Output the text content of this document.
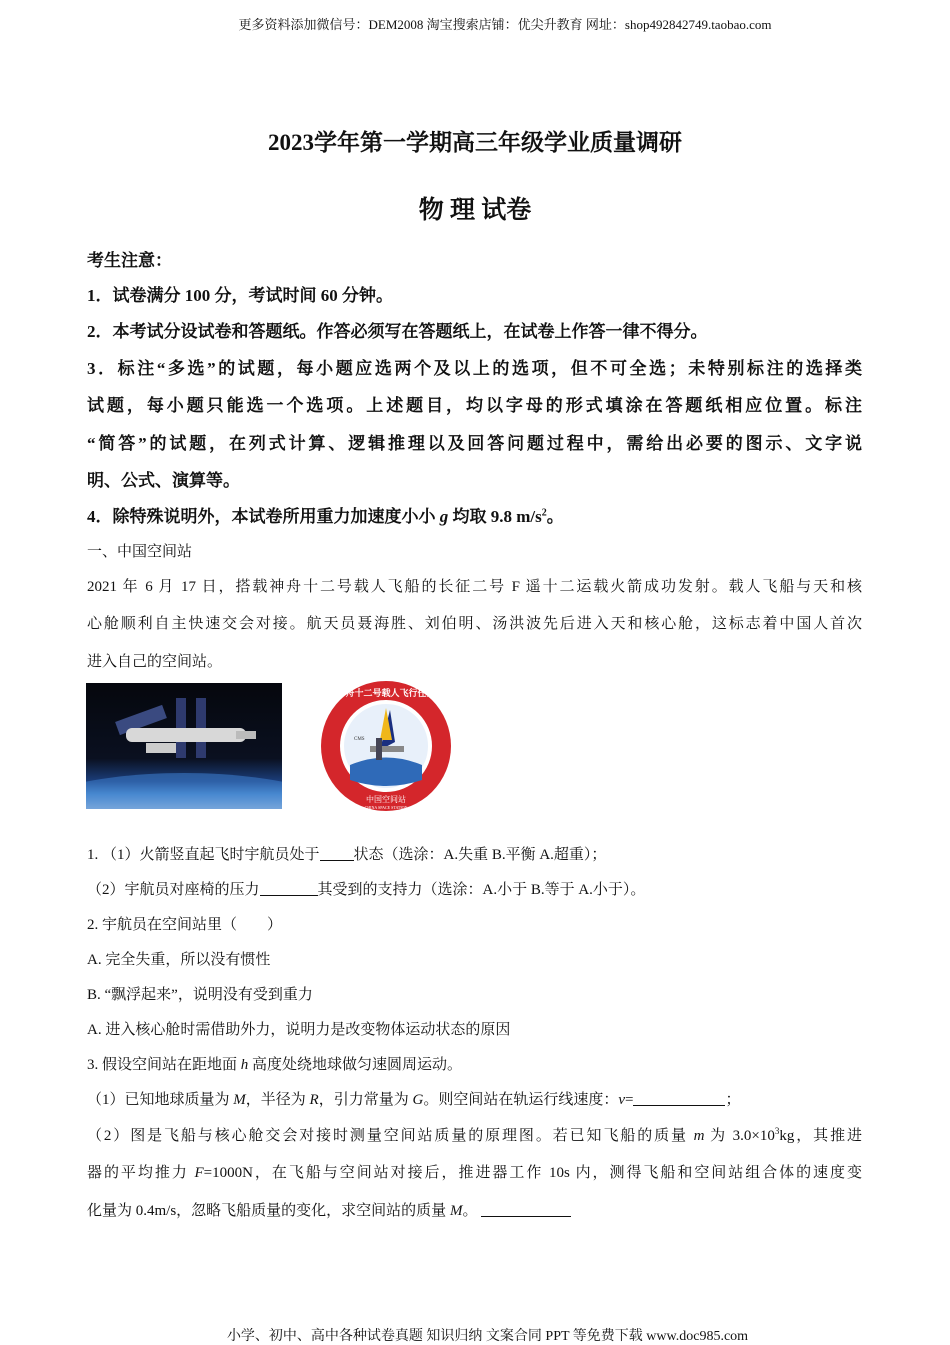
更多资料添加微信号：DEM2008 淘宝搜索店铺：优尖升教育 网址：shop492842749.taobao.com
2023学年第一学期高三年级学业质量调研
物 理 试卷
考生注意：
1．试卷满分 100 分，考试时间 60 分钟。
2．本考试分设试卷和答题纸。作答必须写在答题纸上，在试卷上作答一律不得分。
3．标注“多选”的试题，每小题应选两个及以上的选项，但不可全选；未特别标注的选择类
试题，每小题只能选一个选项。上述题目，均以字母的形式填涂在答题纸相应位置。标注
“简答”的试题，在列式计算、逻辑推理以及回答问题过程中，需给出必要的图示、文字说
明、公式、演算等。
4．除特殊说明外，本试卷所用重力加速度小小 g 均取 9.8 $m/s^2$。
一、中国空间站
2021 年 6 月 17 日，搭载神舟十二号载人飞船的长征二号 F 遥十二运载火箭成功发射。载人飞船与天和核
心舱顺利自主快速交会对接。航天员聂海胜、刘伯明、汤洪波先后进入天和核心舱，这标志着中国人首次
进入自己的空间站。
神舟十二号载人飞行任务
中国空间站
CHINA SPACE STATION
CMS
1. （1）火箭竖直起飞时宇航员处于 状态（选涂：A.失重 B.平衡 A.超重）；
（2）宇航员对座椅的压力	其受到的支持力（选涂：A.小于 B.等于 A.小于）。
2. 宇航员在空间站里（　　）
A. 完全失重，所以没有惯性
B. “飘浮起来”，说明没有受到重力
A. 进入核心舱时需借助外力，说明力是改变物体运动状态的原因
3. 假设空间站在距地面 h 高度处绕地球做匀速圆周运动。
（1）已知地球质量为 M，半径为 R，引力常量为 G。则空间站在轨运行线速度：v=	；
（2）图是飞船与核心舱交会对接时测量空间站质量的原理图。若已知飞船的质量 m 为 $3.0\times 10^3kg$，其推进
器的平均推力 F=1000N，在飞船与空间站对接后，推进器工作 10s 内，测得飞船和空间站组合体的速度变
化量为 0.4m/s，忽略飞船质量的变化，求空间站的质量 M。
小学、初中、高中各种试卷真题 知识归纳 文案合同 PPT 等免费下载 www.doc985.com
